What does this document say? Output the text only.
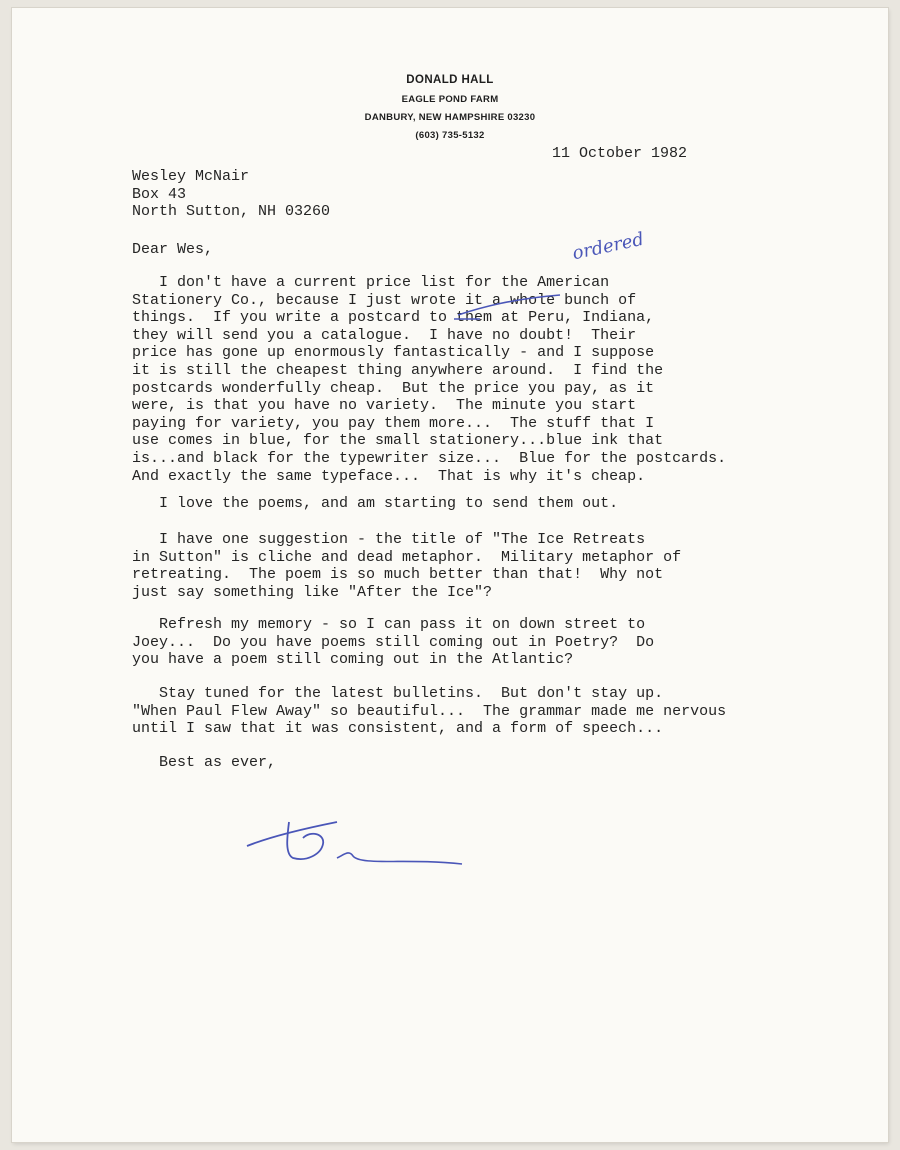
DONALD HALL
EAGLE POND FARM
DANBURY, NEW HAMPSHIRE 03230
(603) 735-5132
11 October 1982
Wesley McNair
Box 43
North Sutton, NH 03260
Dear Wes,
I don't have a current price list for the American
Stationery Co., because I just wrote it a whole bunch of
things.  If you write a postcard to them at Peru, Indiana,
they will send you a catalogue.  I have no doubt!  Their
price has gone up enormously fantastically - and I suppose
it is still the cheapest thing anywhere around.  I find the
postcards wonderfully cheap.  But the price you pay, as it
were, is that you have no variety.  The minute you start
paying for variety, you pay them more...  The stuff that I
use comes in blue, for the small stationery...blue ink that
is...and black for the typewriter size...  Blue for the postcards.
And exactly the same typeface...  That is why it's cheap.
I love the poems, and am starting to send them out.
I have one suggestion - the title of "The Ice Retreats
in Sutton" is cliche and dead metaphor.  Military metaphor of
retreating.  The poem is so much better than that!  Why not
just say something like "After the Ice"?
Refresh my memory - so I can pass it on down street to
Joey...  Do you have poems still coming out in Poetry?  Do
you have a poem still coming out in the Atlantic?
Stay tuned for the latest bulletins.  But don't stay up.
"When Paul Flew Away" so beautiful...  The grammar made me nervous
until I saw that it was consistent, and a form of speech...
Best as ever,
ordered
